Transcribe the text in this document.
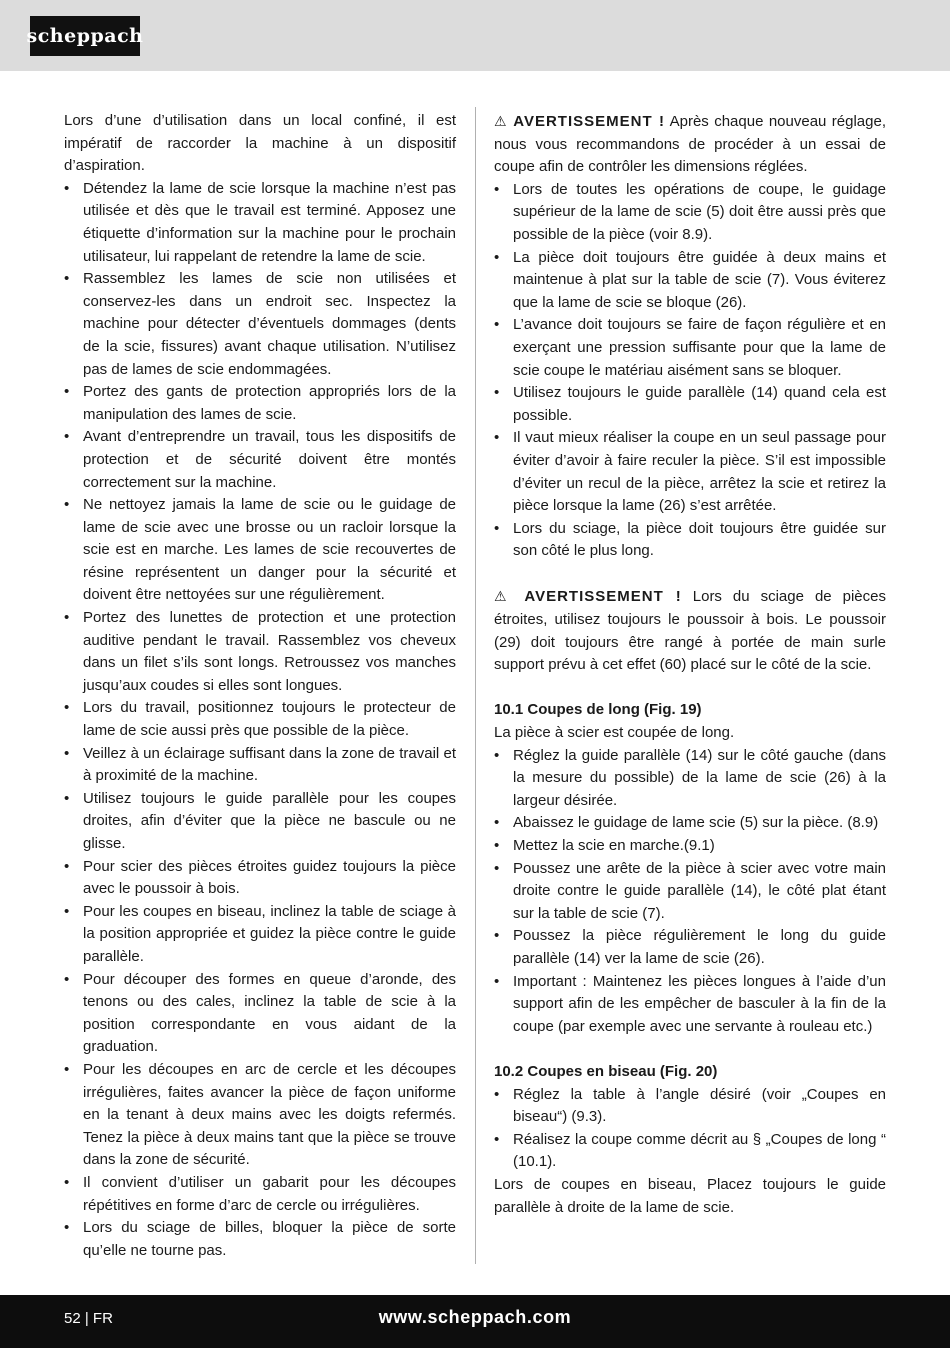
scheppach

Lors d’une d’utilisation dans un local confiné, il est impératif de raccorder la machine à un dispositif d’aspiration.

• Détendez la lame de scie lorsque la machine n’est pas utilisée et dès que le travail est terminé. Apposez une étiquette d’information sur la machine pour le prochain utilisateur, lui rappelant de retendre la lame de scie.
• Rassemblez les lames de scie non utilisées et conservez-les dans un endroit sec. Inspectez la machine pour détecter d’éventuels dommages (dents de la scie, fissures) avant chaque utilisation. N’utilisez pas de lames de scie endommagées.
• Portez des gants de protection appropriés lors de la manipulation des lames de scie.
• Avant d’entreprendre un travail, tous les dispositifs de protection et de sécurité doivent être montés correctement sur la machine.
• Ne nettoyez jamais la lame de scie ou le guidage de lame de scie avec une brosse ou un racloir lorsque la scie est en marche. Les lames de scie recouvertes de résine représentent un danger pour la sécurité et doivent être nettoyées sur une régulièrement.
• Portez des lunettes de protection et une protection auditive pendant le travail. Rassemblez vos cheveux dans un filet s’ils sont longs. Retroussez vos manches jusqu’aux coudes si elles sont longues.
• Lors du travail, positionnez toujours le protecteur de lame de scie aussi près que possible de la pièce.
• Veillez à un éclairage suffisant dans la zone de travail et à proximité de la machine.
• Utilisez toujours le guide parallèle pour les coupes droites, afin d’éviter que la pièce ne bascule ou ne glisse.
• Pour scier des pièces étroites guidez toujours la pièce avec le poussoir à bois.
• Pour les coupes en biseau, inclinez la table de sciage à la position appropriée et guidez la pièce contre le guide parallèle.
• Pour découper des formes en queue d’aronde, des tenons ou des cales, inclinez la table de scie à la position correspondante en vous aidant de la graduation.
• Pour les découpes en arc de cercle et les découpes irrégulières, faites avancer la pièce de façon uniforme en la tenant à deux mains avec les doigts refermés. Tenez la pièce à deux mains tant que la pièce se trouve dans la zone de sécurité.
• Il convient d’utiliser un gabarit pour les découpes répétitives en forme d’arc de cercle ou irrégulières.
• Lors du sciage de billes, bloquer la pièce de sorte qu’elle ne tourne pas.

⚠ AVERTISSEMENT ! Après chaque nouveau réglage, nous vous recommandons de procéder à un essai de coupe afin de contrôler les dimensions réglées.

• Lors de toutes les opérations de coupe, le guidage supérieur de la lame de scie (5) doit être aussi près que possible de la pièce (voir 8.9).
• La pièce doit toujours être guidée à deux mains et maintenue à plat sur la table de scie (7). Vous éviterez que la lame de scie se bloque (26).
• L’avance doit toujours se faire de façon régulière et en exerçant une pression suffisante pour que la lame de scie coupe le matériau aisément sans se bloquer.
• Utilisez toujours le guide parallèle (14) quand cela est possible.
• Il vaut mieux réaliser la coupe en un seul passage pour éviter d’avoir à faire reculer la pièce. S’il est impossible d’éviter un recul de la pièce, arrêtez la scie et retirez la pièce lorsque la lame (26) s’est arrêtée.
• Lors du sciage, la pièce doit toujours être guidée sur son côté le plus long.

⚠ AVERTISSEMENT ! Lors du sciage de pièces étroites, utilisez toujours le poussoir à bois. Le poussoir (29) doit toujours être rangé à portée de main surle support prévu à cet effet (60) placé sur le côté de la scie.

10.1 Coupes de long (Fig. 19)

La pièce à scier est coupée de long.

• Réglez la guide parallèle (14) sur le côté gauche (dans la mesure du possible) de la lame de scie (26) à la largeur désirée.
• Abaissez le guidage de lame scie (5) sur la pièce. (8.9)
• Mettez la scie en marche.(9.1)
• Poussez une arête de la pièce à scier avec votre main droite contre le guide parallèle (14), le côté plat étant sur la table de scie (7).
• Poussez la pièce régulièrement le long du guide parallèle (14) ver la lame de scie (26).
• Important : Maintenez les pièces longues à l’aide d’un support afin de les empêcher de basculer à la fin de la coupe (par exemple avec une servante à rouleau etc.)

10.2 Coupes en biseau (Fig. 20)

• Réglez la table à l’angle désiré (voir „Coupes en biseau“) (9.3).
• Réalisez la coupe comme décrit au § „Coupes de long “ (10.1).

Lors de coupes en biseau, Placez toujours le guide parallèle à droite de la lame de scie.

52 | FR	www.scheppach.com
